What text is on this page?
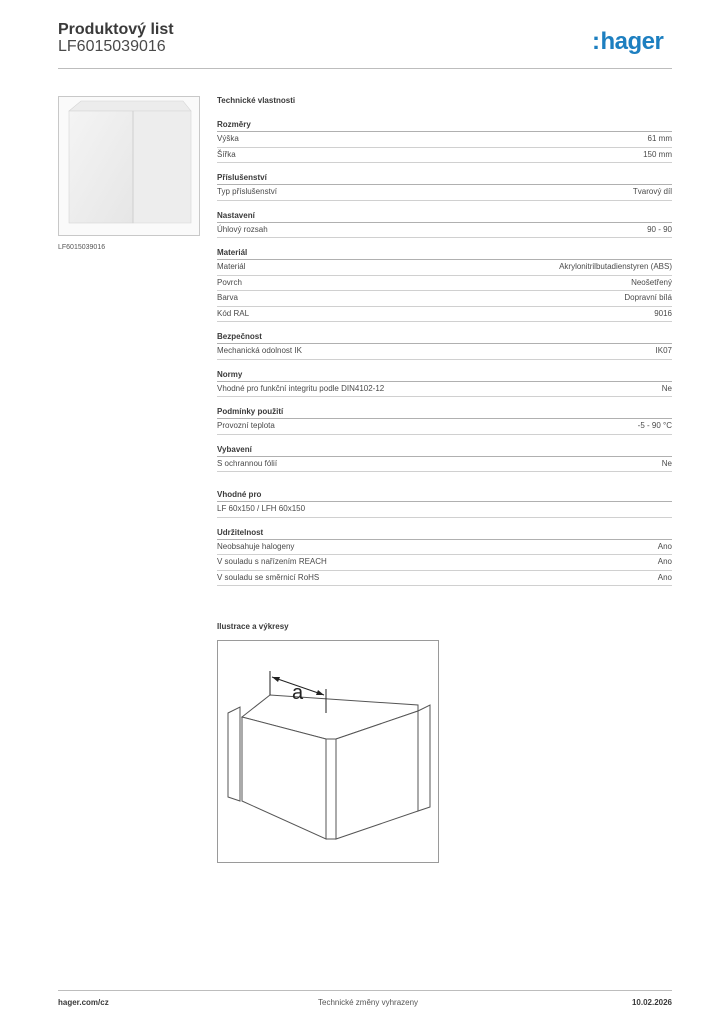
Produktový list
LF6015039016	:hager
LF6015039016
Technické vlastnosti
Rozměry
Výška	61 mm
Šířka	150 mm
Příslušenství
Typ příslušenství	Tvarový díl
Nastavení
Úhlový rozsah	90 - 90
Materiál
Materiál	Akrylonitrilbutadienstyren (ABS)
Povrch	Neošetřený
Barva	Dopravní bílá
Kód RAL	9016
Bezpečnost
Mechanická odolnost IK	IK07
Normy
Vhodné pro funkční integritu podle DIN4102-12	Ne
Podmínky použití
Provozní teplota	-5 - 90 °C
Vybavení
S ochrannou fólií	Ne
Vhodné pro
LF 60x150 / LFH 60x150
Udržitelnost
Neobsahuje halogeny	Ano
V souladu s nařízením REACH	Ano
V souladu se směrnicí RoHS	Ano
Ilustrace a výkresy
a
hager.com/cz	Technické změny vyhrazeny	10.02.2026
